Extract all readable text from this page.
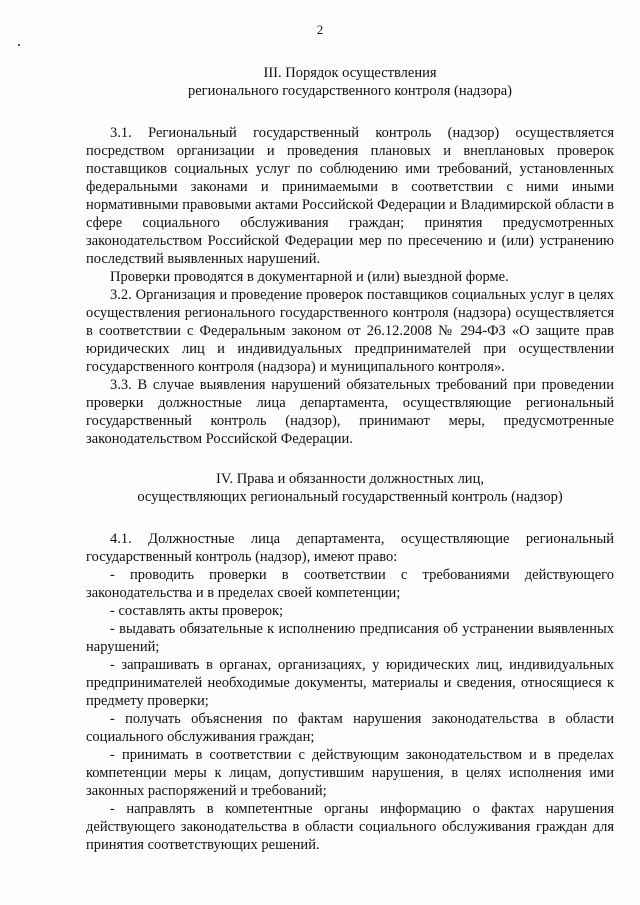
2
III. Порядок осуществления
регионального государственного контроля (надзора)

3.1. Региональный государственный контроль (надзор) осуществляется посредством организации и проведения плановых и внеплановых проверок поставщиков социальных услуг по соблюдению ими требований, установленных федеральными законами и принимаемыми в соответствии с ними иными нормативными правовыми актами Российской Федерации и Владимирской области в сфере социального обслуживания граждан; принятия предусмотренных законодательством Российской Федерации мер по пресечению и (или) устранению последствий выявленных нарушений.

Проверки проводятся в документарной и (или) выездной форме.

3.2. Организация и проведение проверок поставщиков социальных услуг в целях осуществления регионального государственного контроля (надзора) осуществляется в соответствии с Федеральным законом от 26.12.2008 № 294-ФЗ «О защите прав юридических лиц и индивидуальных предпринимателей при осуществлении государственного контроля (надзора) и муниципального контроля».

3.3. В случае выявления нарушений обязательных требований при проведении проверки должностные лица департамента, осуществляющие региональный государственный контроль (надзор), принимают меры, предусмотренные законодательством Российской Федерации.

IV. Права и обязанности должностных лиц,
осуществляющих региональный государственный контроль (надзор)

4.1. Должностные лица департамента, осуществляющие региональный государственный контроль (надзор), имеют право:

- проводить проверки в соответствии с требованиями действующего законодательства и в пределах своей компетенции;

- составлять акты проверок;

- выдавать обязательные к исполнению предписания об устранении выявленных нарушений;

- запрашивать в органах, организациях, у юридических лиц, индивидуальных предпринимателей необходимые документы, материалы и сведения, относящиеся к предмету проверки;

- получать объяснения по фактам нарушения законодательства в области социального обслуживания граждан;

- принимать в соответствии с действующим законодательством и в пределах компетенции меры к лицам, допустившим нарушения, в целях исполнения ими законных распоряжений и требований;

- направлять в компетентные органы информацию о фактах нарушения действующего законодательства в области социального обслуживания граждан для принятия соответствующих решений.
